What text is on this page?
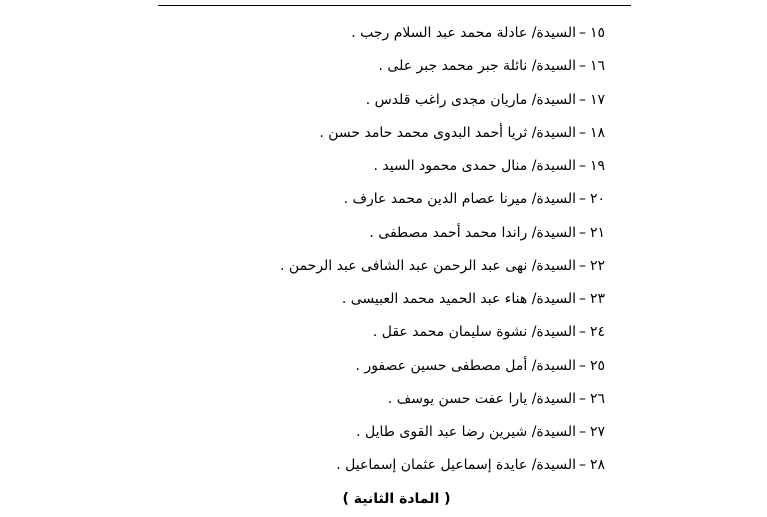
١٥–السيدة/ عادلة محمد عبد السلام رجب .
١٦–السيدة/ نائلة جبر محمد جبر على .
١٧–السيدة/ ماريان مجدى راغب قلدس .
١٨–السيدة/ ثريا أحمد البدوى محمد حامد حسن .
١٩–السيدة/ منال حمدى محمود السيد .
٢٠–السيدة/ ميرنا عصام الدين محمد عارف .
٢١–السيدة/ راندا محمد أحمد مصطفى .
٢٢–السيدة/ نهى عبد الرحمن عبد الشافى عبد الرحمن .
٢٣–السيدة/ هناء عبد الحميد محمد العبيسى .
٢٤–السيدة/ نشوة سليمان محمد عقل .
٢٥–السيدة/ أمل مصطفى حسين عصفور .
٢٦–السيدة/ يارا عفت حسن يوسف .
٢٧–السيدة/ شيرين رضا عبد القوى طايل .
٢٨–السيدة/ عايدة إسماعيل عثمان إسماعيل .
( المادة الثانية )
